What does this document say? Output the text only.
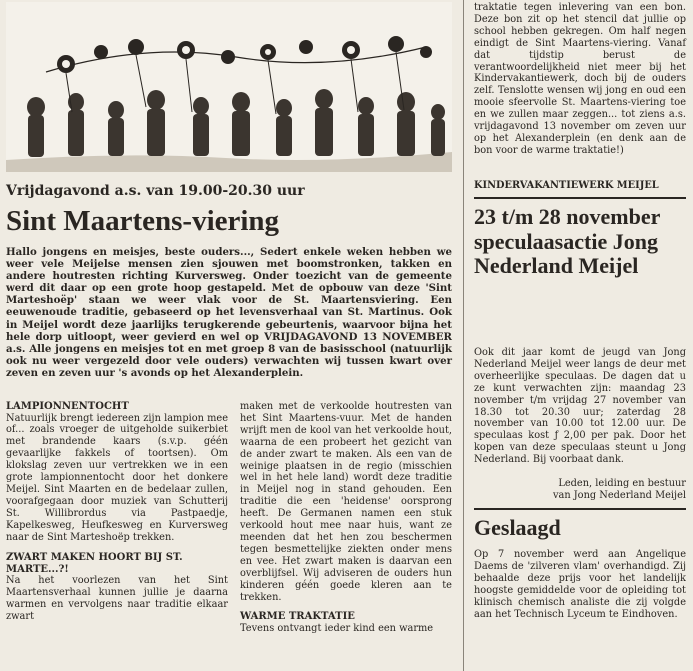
Vrijdagavond a.s. van 19.00-20.30 uur
Sint Maartens-viering

Hallo jongens en meisjes, beste ouders..., Sedert enkele weken hebben we weer vele Meijelse mensen zien sjouwen met boomstronken, takken en andere houtresten richting Kurversweg. Onder toezicht van de gemeente werd dit daar op een grote hoop gestapeld. Met de opbouw van deze 'Sint Marteshoëp' staan we weer vlak voor de St. Maartensviering. Een eeuwenoude traditie, gebaseerd op het levensverhaal van St. Martinus. Ook in Meijel wordt deze jaarlijks terugkerende gebeurtenis, waarvoor bijna het hele dorp uitloopt, weer gevierd en wel op VRIJDAGAVOND 13 NOVEMBER a.s. Alle jongens en meisjes tot en met groep 8 van de basisschool (natuurlijk ook nu weer vergezeld door vele ouders) verwachten wij tussen kwart over zeven en zeven uur 's avonds op het Alexanderplein.

LAMPIONNENTOCHT

Natuurlijk brengt iedereen zijn lampion mee of... zoals vroeger de uitgeholde suikerbiet met brandende kaars (s.v.p. géén gevaarlijke fakkels of toortsen). Om klokslag zeven uur vertrekken we in een grote lampionnentocht door het donkere Meijel. Sint Maarten en de bedelaar zullen, voorafgegaan door muziek van Schutterij St. Willibrordus via Pastpaedje, Kapelkesweg, Heufkesweg en Kurversweg naar de Sint Marteshoëp trekken.

ZWART MAKEN HOORT BIJ ST. MARTE...?!

Na het voorlezen van het Sint Maartensverhaal kunnen jullie je daarna warmen en vervolgens naar traditie elkaar zwart

maken met de verkoolde houtresten van het Sint Maartens-vuur. Met de handen wrijft men de kool van het verkoolde hout, waarna de een probeert het gezicht van de ander zwart te maken. Als een van de weinige plaatsen in de regio (misschien wel in het hele land) wordt deze traditie in Meijel nog in stand gehouden. Een traditie die een 'heidense' oorsprong heeft. De Germanen namen een stuk verkoold hout mee naar huis, want ze meenden dat het hen zou beschermen tegen besmettelijke ziekten onder mens en vee. Het zwart maken is daarvan een overblijfsel. Wij adviseren de ouders hun kinderen géén goede kleren aan te trekken.

WARME TRAKTATIE

Tevens ontvangt ieder kind een warme

traktatie tegen inlevering van een bon. Deze bon zit op het stencil dat jullie op school hebben gekregen. Om half negen eindigt de Sint Maartens-viering. Vanaf dat tijdstip berust de verantwoordelijkheid niet meer bij het Kindervakantiewerk, doch bij de ouders zelf. Tenslotte wensen wij jong en oud een mooie sfeervolle St. Maartens-viering toe en we zullen maar zeggen... tot ziens a.s. vrijdagavond 13 november om zeven uur op het Alexanderplein (en denk aan de bon voor de warme traktatie!)

KINDERVAKANTIEWERK MEIJEL
23 t/m 28 november speculaasactie Jong Nederland Meijel

Ook dit jaar komt de jeugd van Jong Nederland Meijel weer langs de deur met overheerlijke speculaas. De dagen dat u ze kunt verwachten zijn: maandag 23 november t/m vrijdag 27 november van 18.30 tot 20.30 uur; zaterdag 28 november van 10.00 tot 12.00 uur. De speculaas kost ƒ 2,00 per pak. Door het kopen van deze speculaas steunt u Jong Nederland. Bij voorbaat dank.

Leden, leiding en bestuur

van Jong Nederland Meijel

Geslaagd

Op 7 november werd aan Angelique Daems de 'zilveren vlam' overhandigd. Zij behaalde deze prijs voor het landelijk hoogste gemiddelde voor de opleiding tot klinisch chemisch analiste die zij volgde aan het Technisch Lyceum te Eindhoven.
